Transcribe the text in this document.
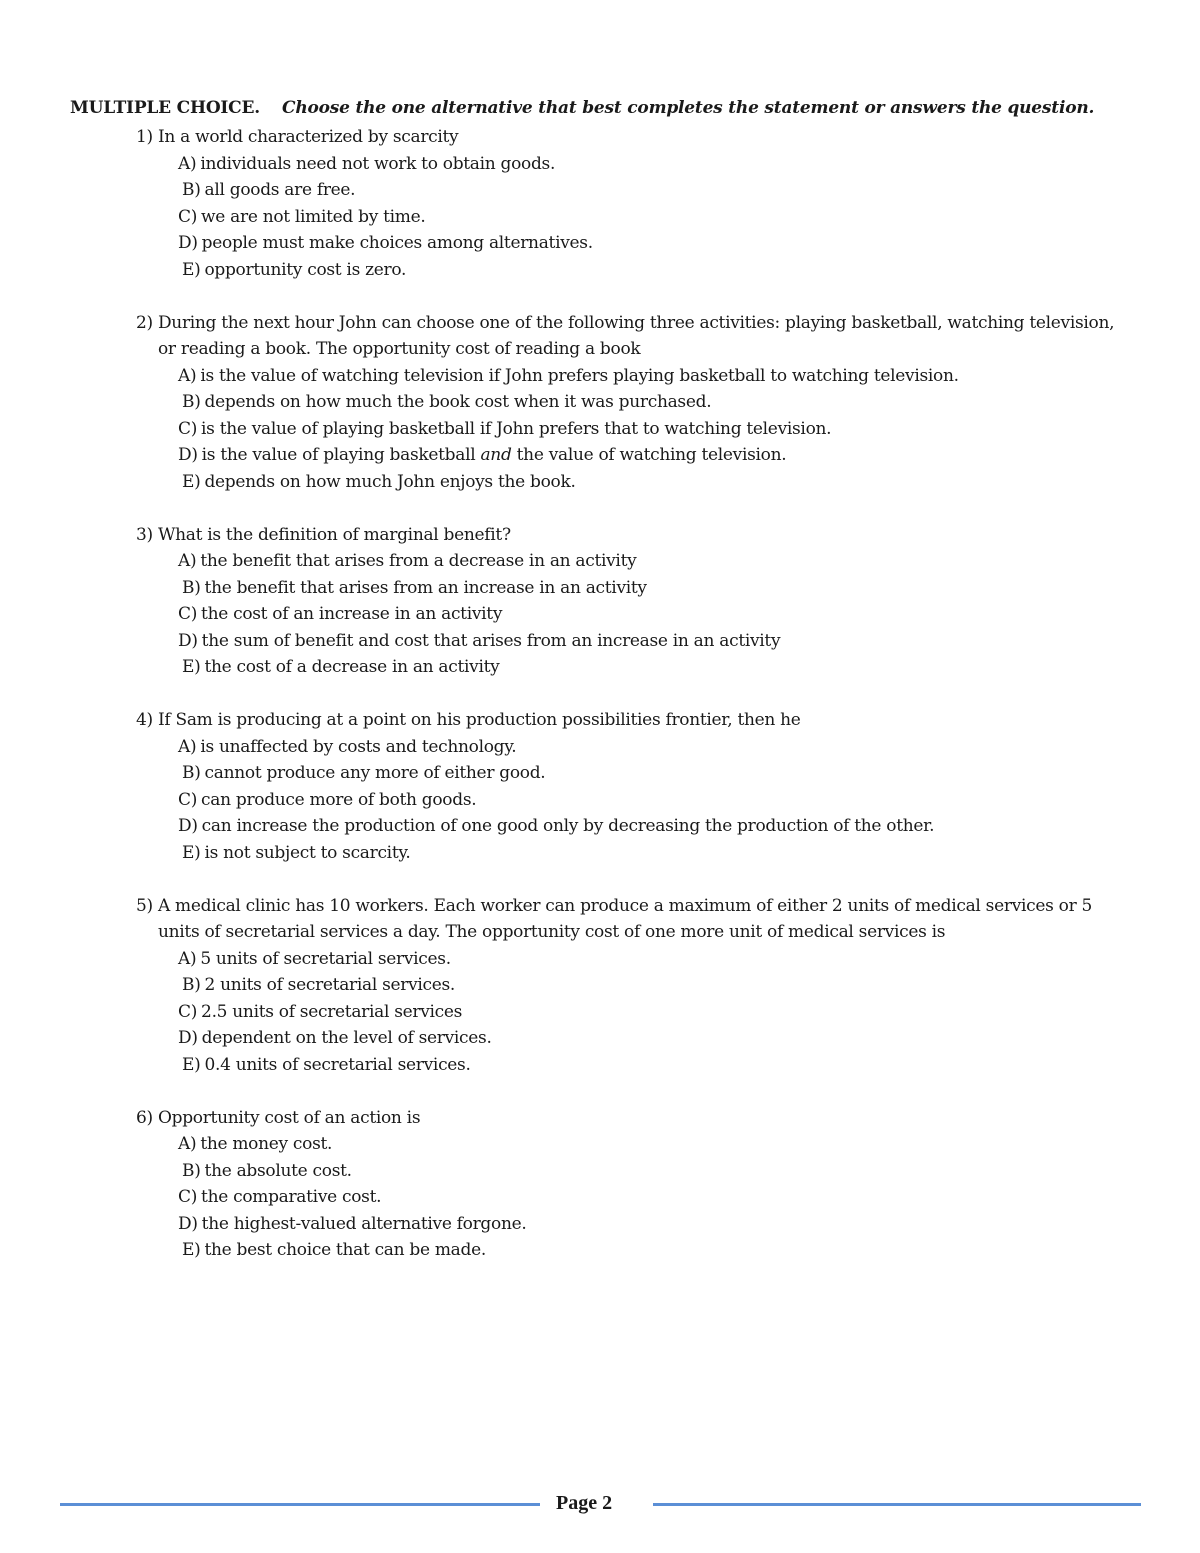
MULTIPLE CHOICE. Choose the one alternative that best completes the statement or answers the question.
1) In a world characterized by scarcity
A) individuals need not work to obtain goods.
B) all goods are free.
C) we are not limited by time.
D) people must make choices among alternatives.
E) opportunity cost is zero.
2) During the next hour John can choose one of the following three activities: playing basketball, watching television, or reading a book. The opportunity cost of reading a book
A) is the value of watching television if John prefers playing basketball to watching television.
B) depends on how much the book cost when it was purchased.
C) is the value of playing basketball if John prefers that to watching television.
D) is the value of playing basketball and the value of watching television.
E) depends on how much John enjoys the book.
3) What is the definition of marginal benefit?
A) the benefit that arises from a decrease in an activity
B) the benefit that arises from an increase in an activity
C) the cost of an increase in an activity
D) the sum of benefit and cost that arises from an increase in an activity
E) the cost of a decrease in an activity
4) If Sam is producing at a point on his production possibilities frontier, then he
A) is unaffected by costs and technology.
B) cannot produce any more of either good.
C) can produce more of both goods.
D) can increase the production of one good only by decreasing the production of the other.
E) is not subject to scarcity.
5) A medical clinic has 10 workers. Each worker can produce a maximum of either 2 units of medical services or 5 units of secretarial services a day. The opportunity cost of one more unit of medical services is
A) 5 units of secretarial services.
B) 2 units of secretarial services.
C) 2.5 units of secretarial services
D) dependent on the level of services.
E) 0.4 units of secretarial services.
6) Opportunity cost of an action is
A) the money cost.
B) the absolute cost.
C) the comparative cost.
D) the highest-valued alternative forgone.
E) the best choice that can be made.
Page 2
